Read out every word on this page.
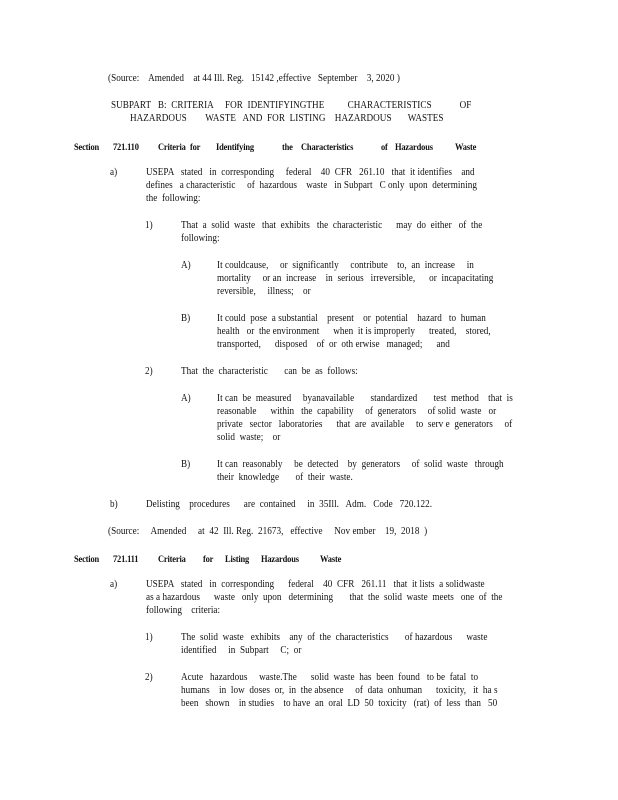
(Source:    Amended    at 44 Ill. Reg.   15142 ,effective   September    3, 2020 )
SUBPART   B:  CRITERIA     FOR  IDENTIFYINGTHE          CHARACTERISTICS            OF
HAZARDOUS        WASTE   AND  FOR  LISTING    HAZARDOUS       WASTES
Section 721.110 Criteria for Identifying	the Characteristics	of Hazardous Waste
a)	USEPA   stated   in  corresponding     federal    40  CFR   261.10   that  it identifies    and
defines   a characteristic     of  hazardous    waste   in Subpart   C only  upon  determining
the  following:
1)	That  a  solid  waste   that  exhibits   the  characteristic      may  do  either   of  the
following:
A)	It couldcause,     or  significantly     contribute    to,  an  increase     in
mortality     or an  increase    in  serious   irreversible,      or  incapacitating
reversible,     illness;    or
B)	It could  pose  a substantial    present    or  potential    hazard   to  human
health   or  the environment      when  it is improperly      treated,    stored,
transported,      disposed    of  or  oth erwise   managed;      and
2)	That  the  characteristic       can  be  as  follows:
A)	It can  be  measured     byanavailable       standardized       test  method    that  is
reasonable      within   the  capability     of  generators     of solid  waste   or
private   sector   laboratories      that  are  available     to  serv e  generators     of
solid  waste;    or
B)	It can  reasonably     be  detected    by  generators     of  solid  waste   through
their  knowledge       of  their  waste.
b)	Delisting    procedures      are  contained     in  35Ill.   Adm.   Code   720.122.
(Source:     Amended     at  42  Ill. Reg.  21673,   effective     Nov ember    19,  2018  )
Section 721.111 Criteria for Listing Hazardous Waste
a)	USEPA   stated   in  corresponding      federal    40  CFR   261.11   that  it lists  a solidwaste
as a hazardous      waste   only  upon   determining       that  the  solid  waste  meets   one  of  the
following    criteria:
1)	The  solid  waste   exhibits    any  of  the  characteristics       of hazardous      waste
identified     in  Subpart     C;  or
2)	Acute   hazardous     waste.The      solid  waste  has  been  found   to be  fatal  to
humans    in  low  doses  or,  in  the absence     of  data  onhuman      toxicity,   it  ha s
been   shown    in studies    to have  an  oral  LD  50  toxicity   (rat)  of  less  than   50
